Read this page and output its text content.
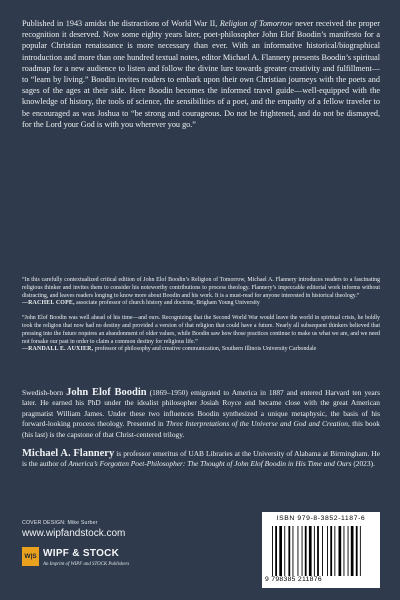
Published in 1943 amidst the distractions of World War II, Religion of Tomorrow never received the proper recognition it deserved. Now some eighty years later, poet-philosopher John Elof Boodin’s manifesto for a popular Christian renaissance is more necessary than ever. With an informative historical/biographical introduction and more than one hundred textual notes, editor Michael A. Flannery presents Boodin’s spiritual roadmap for a new audience to listen and follow the divine lure towards greater creativity and fulfillment—to “learn by living.” Boodin invites readers to embark upon their own Christian journeys with the poets and sages of the ages at their side. Here Boodin becomes the informed travel guide—well-equipped with the knowledge of history, the tools of science, the sensibilities of a poet, and the empathy of a fellow traveler to be encouraged as was Joshua to “be strong and courageous. Do not be frightened, and do not be dismayed, for the Lord your God is with you wherever you go.”

“In this carefully contextualized critical edition of John Elof Boodin’s Religion of Tomorrow, Michael A. Flannery introduces readers to a fascinating religious thinker and invites them to consider his noteworthy contributions to process theology. Flannery’s impeccable editorial work informs without distracting, and leaves readers longing to know more about Boodin and his work. It is a must-read for anyone interested in historical theology.”

—RACHEL COPE, associate professor of church history and doctrine, Brigham Young University

“John Elof Boodin was well ahead of his time—and ours. Recognizing that the Second World War would leave the world in spiritual crisis, he boldly took the religion that now had no destiny and provided a version of that religion that could have a future. Nearly all subsequent thinkers believed that pressing into the future requires an abandonment of older values, while Boodin saw how those practices continue to make us what we are, and we need not forsake our past in order to claim a common destiny for religious life.”

—RANDALL E. AUXIER, professor of philosophy and creative communication, Southern Illinois University Carbondale

Swedish-born John Elof Boodin (1869–1950) emigrated to America in 1887 and entered Harvard ten years later. He earned his PhD under the idealist philosopher Josiah Royce and became close with the great American pragmatist William James. Under these two influences Boodin synthesized a unique metaphysic, the basis of his forward-looking process theology. Presented in Three Interpretations of the Universe and God and Creation, this book (his last) is the capstone of that Christ-centered trilogy.

Michael A. Flannery is professor emeritus of UAB Libraries at the University of Alabama at Birmingham. He is the author of America’s Forgotten Poet-Philosopher: The Thought of John Elof Boodin in His Time and Ours (2023).

COVER DESIGN: Mike Surber
www.wipfandstock.com
W|S WIPF & STOCK
An Imprint of WIPF and STOCK Publishers
ISBN 979-8-3852-1187-6
9 798385 211876
